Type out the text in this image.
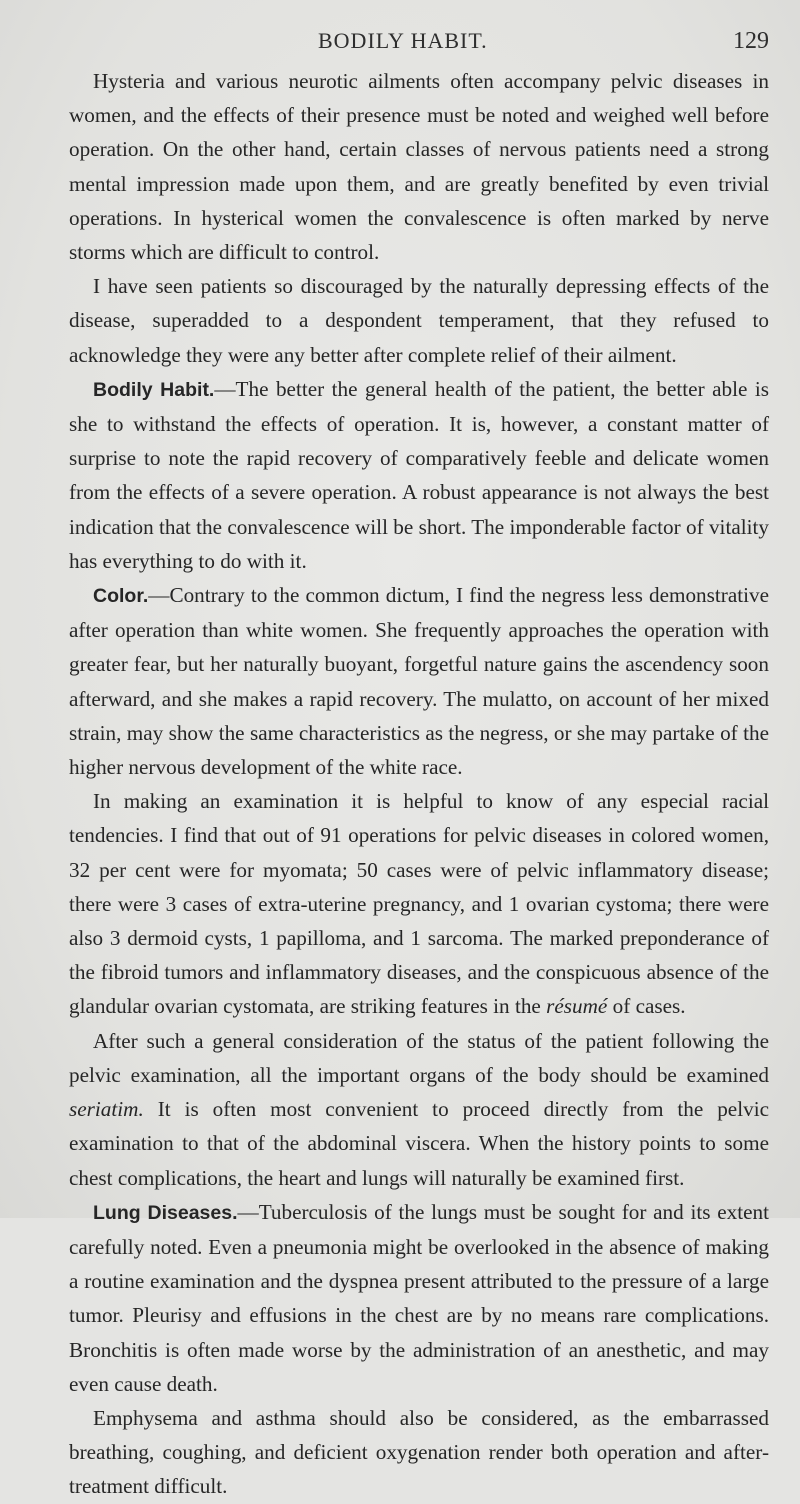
BODILY HABIT.	129

Hysteria and various neurotic ailments often accompany pelvic diseases in women, and the effects of their presence must be noted and weighed well before operation. On the other hand, certain classes of nervous patients need a strong mental impression made upon them, and are greatly benefited by even trivial operations. In hysterical women the convalescence is often marked by nerve storms which are difficult to control.

I have seen patients so discouraged by the naturally depressing effects of the disease, superadded to a despondent temperament, that they refused to acknowledge they were any better after complete relief of their ailment.

Bodily Habit.—The better the general health of the patient, the better able is she to withstand the effects of operation. It is, however, a constant matter of surprise to note the rapid recovery of comparatively feeble and delicate women from the effects of a severe operation. A robust appearance is not always the best indication that the convalescence will be short. The imponderable factor of vitality has everything to do with it.

Color.—Contrary to the common dictum, I find the negress less demonstrative after operation than white women. She frequently approaches the operation with greater fear, but her naturally buoyant, forgetful nature gains the ascendency soon afterward, and she makes a rapid recovery. The mulatto, on account of her mixed strain, may show the same characteristics as the negress, or she may partake of the higher nervous development of the white race.

In making an examination it is helpful to know of any especial racial tendencies. I find that out of 91 operations for pelvic diseases in colored women, 32 per cent were for myomata; 50 cases were of pelvic inflammatory disease; there were 3 cases of extra-uterine pregnancy, and 1 ovarian cystoma; there were also 3 dermoid cysts, 1 papilloma, and 1 sarcoma. The marked preponderance of the fibroid tumors and inflammatory diseases, and the conspicuous absence of the glandular ovarian cystomata, are striking features in the résumé of cases.

After such a general consideration of the status of the patient following the pelvic examination, all the important organs of the body should be examined seriatim. It is often most convenient to proceed directly from the pelvic examination to that of the abdominal viscera. When the history points to some chest complications, the heart and lungs will naturally be examined first.

Lung Diseases.—Tuberculosis of the lungs must be sought for and its extent carefully noted. Even a pneumonia might be overlooked in the absence of making a routine examination and the dyspnea present attributed to the pressure of a large tumor. Pleurisy and effusions in the chest are by no means rare complications. Bronchitis is often made worse by the administration of an anesthetic, and may even cause death.

Emphysema and asthma should also be considered, as the embarrassed breathing, coughing, and deficient oxygenation render both operation and after-treatment difficult.
